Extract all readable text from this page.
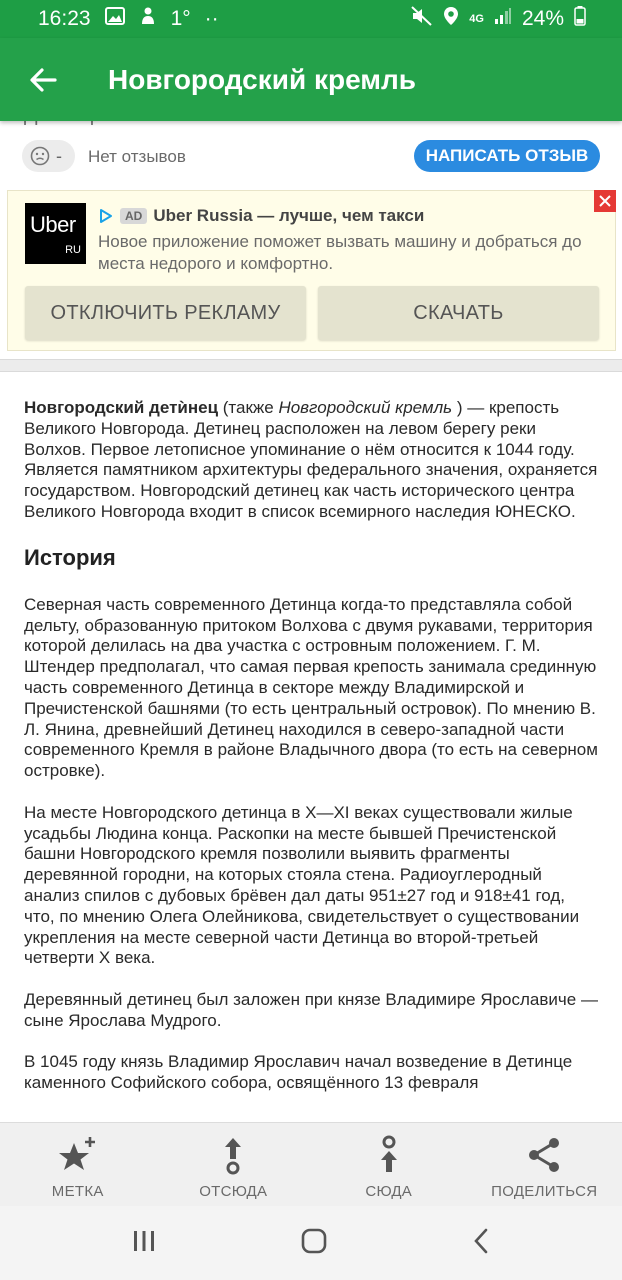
16:23	1° ··	4G 24%
Новгородский кремль
- Нет отзывов	НАПИСАТЬ ОТЗЫВ
Uber
RU
AD Uber Russia — лучше, чем такси
Новое приложение поможет вызвать машину и добраться до места недорого и комфортно.
ОТКЛЮЧИТЬ РЕКЛАМУ	СКАЧАТЬ

Новгородский детѝнец (также Новгородский кремль ) — крепость Великого Новгорода. Детинец расположен на левом берегу реки Волхов. Первое летописное упоминание о нём относится к 1044 году. Является памятником архитектуры федерального значения, охраняется государством. Новгородский детинец как часть исторического центра Великого Новгорода входит в список всемирного наследия ЮНЕСКО.

История

Северная часть современного Детинца когда-то представляла собой дельту, образованную притоком Волхова с двумя рукавами, территория которой делилась на два участка с островным положением. Г. М. Штендер предполагал, что самая первая крепость занимала срединную часть современного Детинца в секторе между Владимирской и Пречистенской башнями (то есть центральный островок). По мнению В. Л. Янина, древнейший Детинец находился в северо-западной части современного Кремля в районе Владычного двора (то есть на северном островке).

На месте Новгородского детинца в X—XI веках существовали жилые усадьбы Людина конца. Раскопки на месте бывшей Пречистенской башни Новгородского кремля позволили выявить фрагменты деревянной городни, на которых стояла стена. Радиоуглеродный анализ спилов с дубовых брёвен дал даты 951±27 год и 918±41 год, что, по мнению Олега Олейникова, свидетельствует о существовании укрепления на месте северной части Детинца во второй-третьей четверти X века.

Деревянный детинец был заложен при князе Владимире Ярославиче — сыне Ярослава Мудрого.

В 1045 году князь Владимир Ярославич начал возведение в Детинце каменного Софийского собора, освящённого 13 февраля

МЕТКА	ОТСЮДА	СЮДА	ПОДЕЛИТЬСЯ
